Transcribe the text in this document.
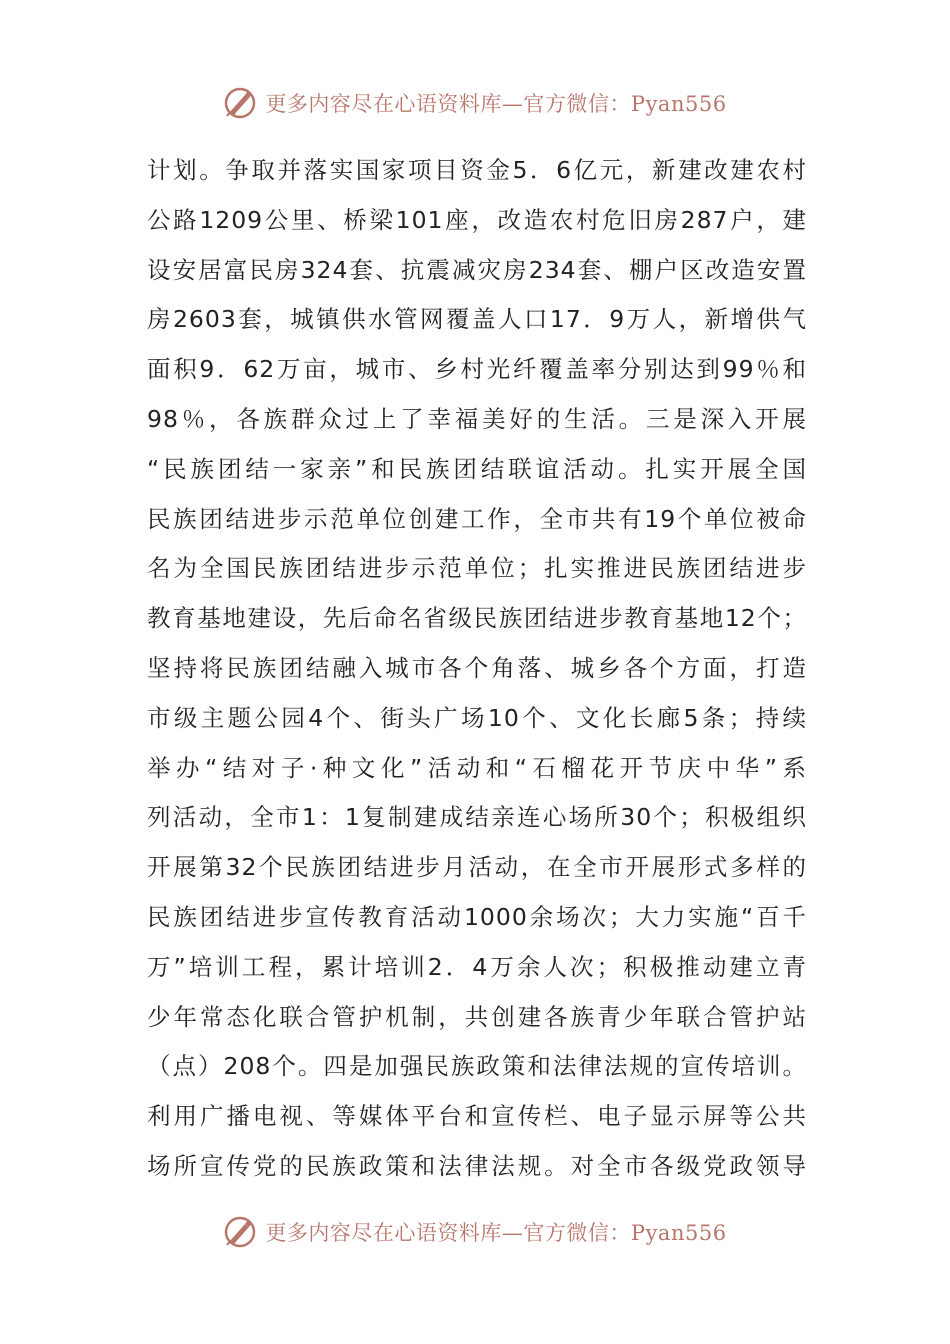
更多内容尽在心语资料库—官方微信：Pyan556
计划。争取并落实国家项目资金5．6亿元，新建改建农村
公路1209公里、桥梁101座，改造农村危旧房287户，建
设安居富民房324套、抗震减灾房234套、棚户区改造安置
房2603套，城镇供水管网覆盖人口17．9万人，新增供气
面积9．62万亩，城市、乡村光纤覆盖率分别达到99％和
98％，各族群众过上了幸福美好的生活。三是深入开展
“民族团结一家亲”和民族团结联谊活动。扎实开展全国
民族团结进步示范单位创建工作，全市共有19个单位被命
名为全国民族团结进步示范单位；扎实推进民族团结进步
教育基地建设，先后命名省级民族团结进步教育基地12个；
坚持将民族团结融入城市各个角落、城乡各个方面，打造
市级主题公园4个、街头广场10个、文化长廊5条；持续
举办“结对子·种文化”活动和“石榴花开节庆中华”系
列活动，全市1：1复制建成结亲连心场所30个；积极组织
开展第32个民族团结进步月活动，在全市开展形式多样的
民族团结进步宣传教育活动1000余场次；大力实施“百千
万”培训工程，累计培训2．4万余人次；积极推动建立青
少年常态化联合管护机制，共创建各族青少年联合管护站
（点）208个。四是加强民族政策和法律法规的宣传培训。
利用广播电视、等媒体平台和宣传栏、电子显示屏等公共
场所宣传党的民族政策和法律法规。对全市各级党政领导
更多内容尽在心语资料库—官方微信：Pyan556
